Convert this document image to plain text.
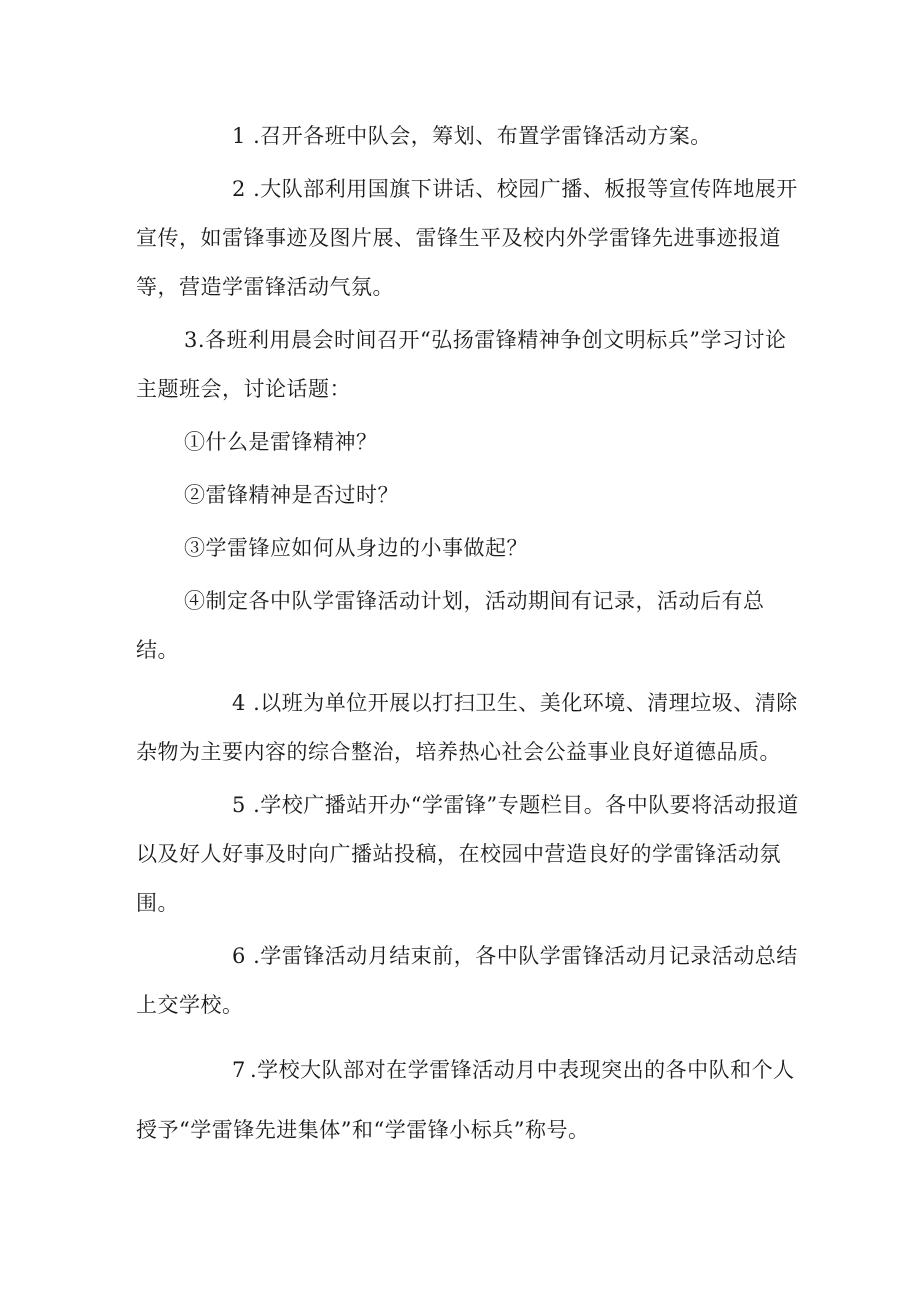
1 .召开各班中队会，筹划、布置学雷锋活动方案。

2 .大队部利用国旗下讲话、校园广播、板报等宣传阵地展开宣传，如雷锋事迹及图片展、雷锋生平及校内外学雷锋先进事迹报道等，营造学雷锋活动气氛。

3.各班利用晨会时间召开“弘扬雷锋精神争创文明标兵”学习讨论主题班会，讨论话题：

①什么是雷锋精神？

②雷锋精神是否过时？

③学雷锋应如何从身边的小事做起？

④制定各中队学雷锋活动计划，活动期间有记录，活动后有总结。

4 .以班为单位开展以打扫卫生、美化环境、清理垃圾、清除杂物为主要内容的综合整治，培养热心社会公益事业良好道德品质。

5 .学校广播站开办“学雷锋”专题栏目。各中队要将活动报道以及好人好事及时向广播站投稿，在校园中营造良好的学雷锋活动氛围。

6 .学雷锋活动月结束前，各中队学雷锋活动月记录活动总结上交学校。

7 .学校大队部对在学雷锋活动月中表现突出的各中队和个人授予“学雷锋先进集体”和“学雷锋小标兵”称号。
